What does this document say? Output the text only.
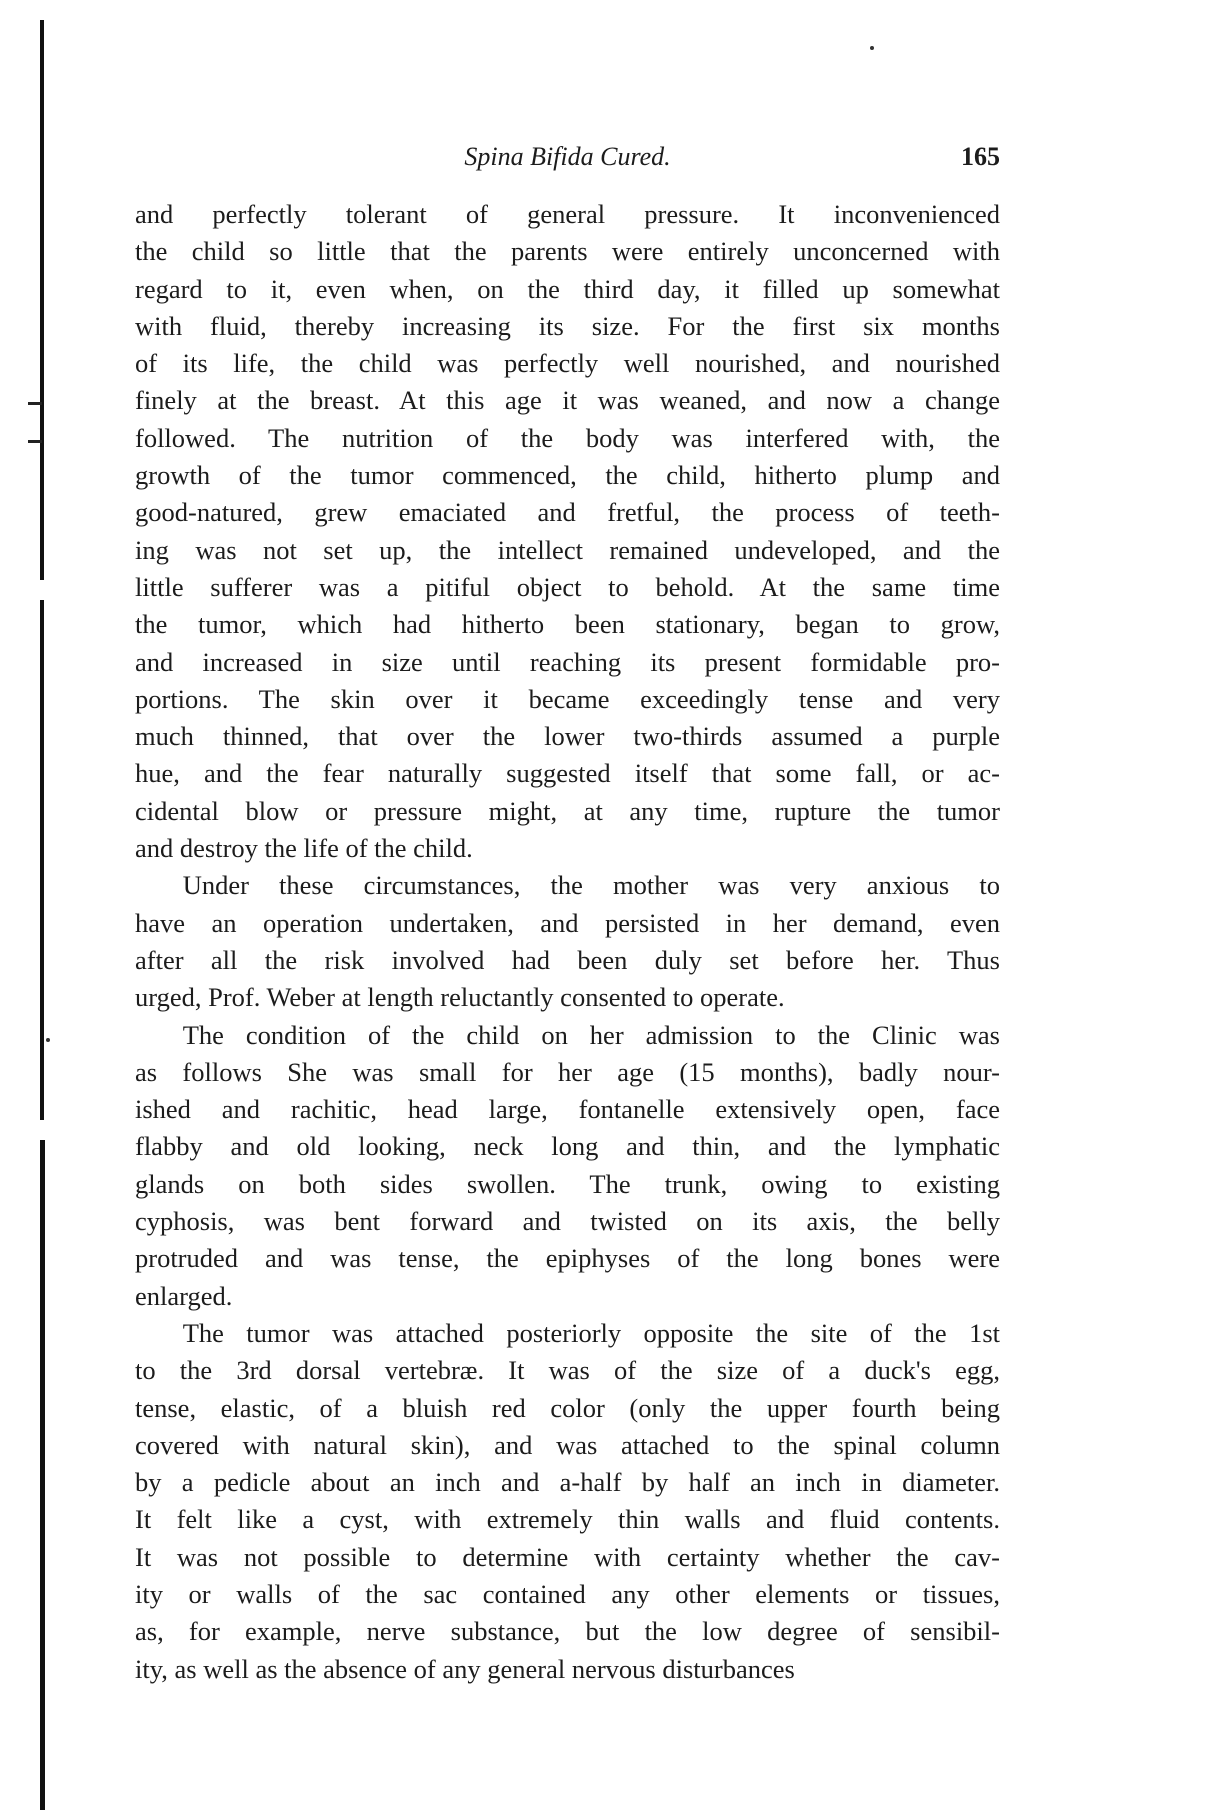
Spina Bifida Cured.	165
and perfectly tolerant of general pressure. It inconvenienced
the child so little that the parents were entirely unconcerned with
regard to it, even when, on the third day, it filled up somewhat
with fluid, thereby increasing its size. For the first six months
of its life, the child was perfectly well nourished, and nourished
finely at the breast. At this age it was weaned, and now a change
followed. The nutrition of the body was interfered with, the
growth of the tumor commenced, the child, hitherto plump and
good-natured, grew emaciated and fretful, the process of teeth-
ing was not set up, the intellect remained undeveloped, and the
little sufferer was a pitiful object to behold. At the same time
the tumor, which had hitherto been stationary, began to grow,
and increased in size until reaching its present formidable pro-
portions. The skin over it became exceedingly tense and very
much thinned, that over the lower two-thirds assumed a purple
hue, and the fear naturally suggested itself that some fall, or ac-
cidental blow or pressure might, at any time, rupture the tumor
and destroy the life of the child.
Under these circumstances, the mother was very anxious to
have an operation undertaken, and persisted in her demand, even
after all the risk involved had been duly set before her. Thus
urged, Prof. Weber at length reluctantly consented to operate.
The condition of the child on her admission to the Clinic was
as follows She was small for her age (15 months), badly nour-
ished and rachitic, head large, fontanelle extensively open, face
flabby and old looking, neck long and thin, and the lymphatic
glands on both sides swollen. The trunk, owing to existing
cyphosis, was bent forward and twisted on its axis, the belly
protruded and was tense, the epiphyses of the long bones were
enlarged.
The tumor was attached posteriorly opposite the site of the 1st
to the 3rd dorsal vertebræ. It was of the size of a duck's egg,
tense, elastic, of a bluish red color (only the upper fourth being
covered with natural skin), and was attached to the spinal column
by a pedicle about an inch and a-half by half an inch in diameter.
It felt like a cyst, with extremely thin walls and fluid contents.
It was not possible to determine with certainty whether the cav-
ity or walls of the sac contained any other elements or tissues,
as, for example, nerve substance, but the low degree of sensibil-
ity, as well as the absence of any general nervous disturbances
